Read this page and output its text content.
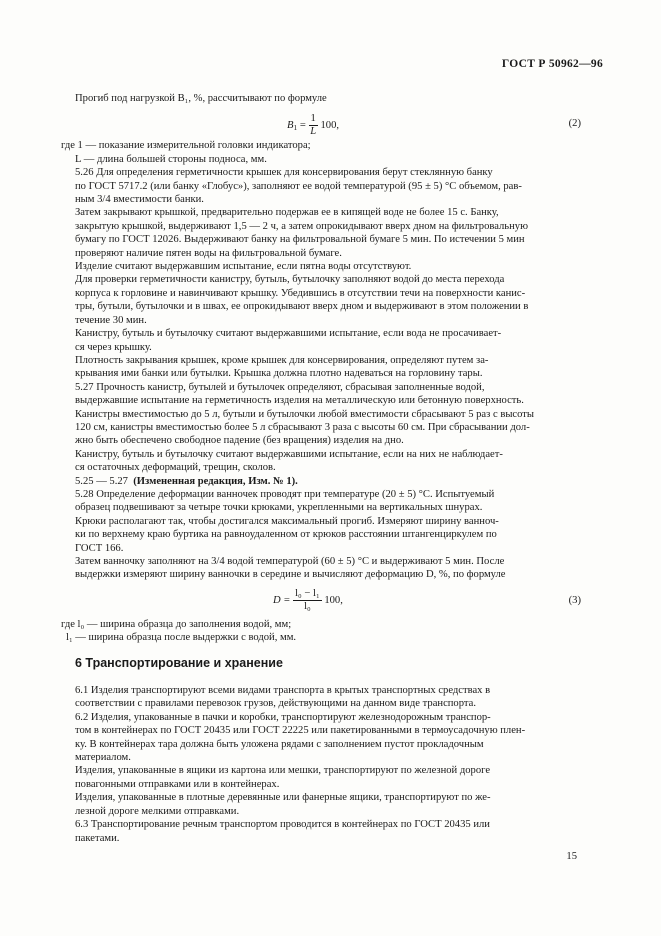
ГОСТ Р 50962—96

Прогиб под нагрузкой B₁, %, рассчитывают по формуле

$B_1 = \frac{1}{L} 100$,	(2)
где 1 — показание измерительной головки индикатора;
L — длина большей стороны подноса, мм.

5.26 Для определения герметичности крышек для консервирования берут стеклянную банку
по ГОСТ 5717.2 (или банку «Глобус»), заполняют ее водой температурой (95 ± 5) °С объемом, рав-
ным 3/4 вместимости банки.

Затем закрывают крышкой, предварительно подержав ее в кипящей воде не более 15 с. Банку,
закрытую крышкой, выдерживают 1,5 — 2 ч, а затем опрокидывают вверх дном на фильтровальную
бумагу по ГОСТ 12026. Выдерживают банку на фильтровальной бумаге 5 мин. По истечении 5 мин
проверяют наличие пятен воды на фильтровальной бумаге.

Изделие считают выдержавшим испытание, если пятна воды отсутствуют.

Для проверки герметичности канистру, бутыль, бутылочку заполняют водой до места перехода
корпуса к горловине и навинчивают крышку. Убедившись в отсутствии течи на поверхности канис-
тры, бутыли, бутылочки и в швах, ее опрокидывают вверх дном и выдерживают в этом положении в
течение 30 мин.

Канистру, бутыль и бутылочку считают выдержавшими испытание, если вода не просачивает-
ся через крышку.

Плотность закрывания крышек, кроме крышек для консервирования, определяют путем за-
крывания ими банки или бутылки. Крышка должна плотно надеваться на горловину тары.

5.27 Прочность канистр, бутылей и бутылочек определяют, сбрасывая заполненные водой,
выдержавшие испытание на герметичность изделия на металлическую или бетонную поверхность.
Канистры вместимостью до 5 л, бутыли и бутылочки любой вместимости сбрасывают 5 раз с высоты
120 см, канистры вместимостью более 5 л сбрасывают 3 раза с высоты 60 см. При сбрасывании дол-
жно быть обеспечено свободное падение (без вращения) изделия на дно.

Канистру, бутыль и бутылочку считают выдержавшими испытание, если на них не наблюдает-
ся остаточных деформаций, трещин, сколов.

5.25 — 5.27 (Измененная редакция, Изм. № 1).

5.28 Определение деформации ванночек проводят при температуре (20 ± 5) °С. Испытуемый
образец подвешивают за четыре точки крюками, укрепленными на вертикальных шнурах.

Крюки располагают так, чтобы достигался максимальный прогиб. Измеряют ширину ванноч-
ки по верхнему краю буртика на равноудаленном от крюков расстоянии штангенциркулем по
ГОСТ 166.

Затем ванночку заполняют на 3/4 водой температурой (60 ± 5) °С и выдерживают 5 мин. После
выдержки измеряют ширину ванночки в середине и вычисляют деформацию D, %, по формуле

$D = \frac{\text{l₀ − l₁}}{\text{l₀}} 100$,	(3)
где l₀ — ширина образца до заполнения водой, мм;
l₁ — ширина образца после выдержки с водой, мм.
6 Транспортирование и хранение

6.1 Изделия транспортируют всеми видами транспорта в крытых транспортных средствах в
соответствии с правилами перевозок грузов, действующими на данном виде транспорта.

6.2 Изделия, упакованные в пачки и коробки, транспортируют железнодорожным транспор-
том в контейнерах по ГОСТ 20435 или ГОСТ 22225 или пакетированными в термоусадочную плен-
ку. В контейнерах тара должна быть уложена рядами с заполнением пустот прокладочным
материалом.

Изделия, упакованные в ящики из картона или мешки, транспортируют по железной дороге
повагонными отправками или в контейнерах.

Изделия, упакованные в плотные деревянные или фанерные ящики, транспортируют по же-
лезной дороге мелкими отправками.

6.3 Транспортирование речным транспортом проводится в контейнерах по ГОСТ 20435 или
пакетами.

15
